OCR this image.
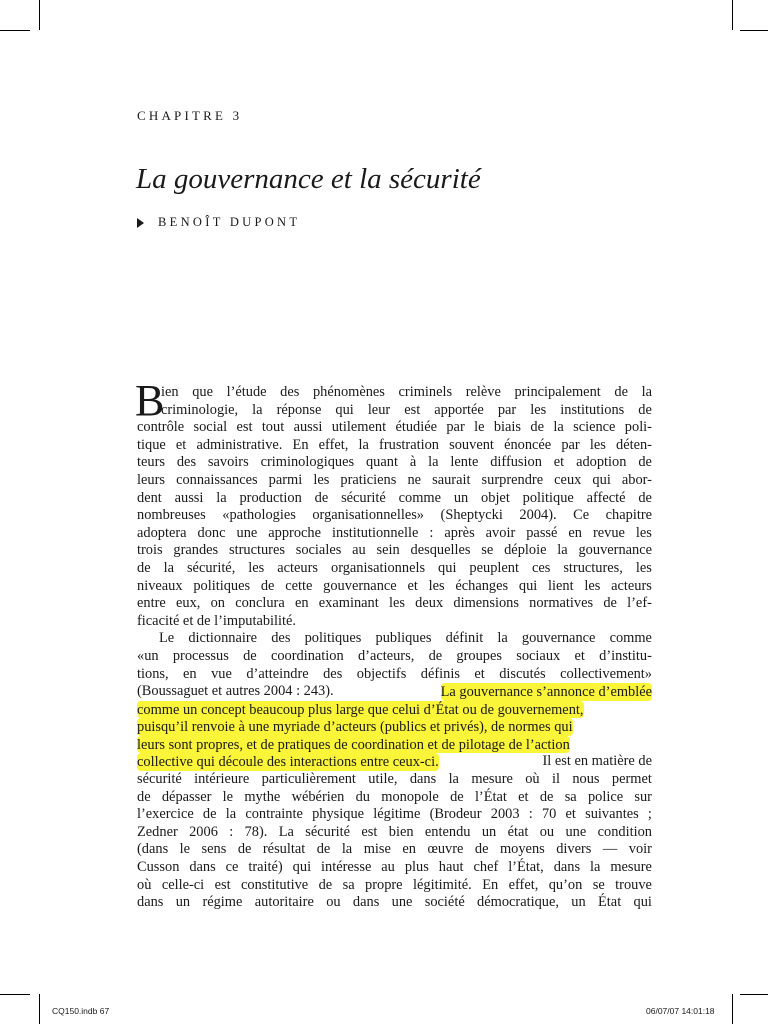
CHAPITRE 3
La gouvernance et la sécurité
BENOÎT DUPONT
B
ien que l’étude des phénomènes criminels relève principalement de la
criminologie, la réponse qui leur est apportée par les institutions de
contrôle social est tout aussi utilement étudiée par le biais de la science poli-
tique et administrative. En effet, la frustration souvent énoncée par les déten-
teurs des savoirs criminologiques quant à la lente diffusion et adoption de
leurs connaissances parmi les praticiens ne saurait surprendre ceux qui abor-
dent aussi la production de sécurité comme un objet politique affecté de
nombreuses «pathologies organisationnelles» (Sheptycki 2004). Ce chapitre
adoptera donc une approche institutionnelle : après avoir passé en revue les
trois grandes structures sociales au sein desquelles se déploie la gouvernance
de la sécurité, les acteurs organisationnels qui peuplent ces structures, les
niveaux politiques de cette gouvernance et les échanges qui lient les acteurs
entre eux, on conclura en examinant les deux dimensions normatives de l’ef-
ficacité et de l’imputabilité.
Le dictionnaire des politiques publiques définit la gouvernance comme
«un processus de coordination d’acteurs, de groupes sociaux et d’institu-
tions, en vue d’atteindre des objectifs définis et discutés collectivement»
(Boussaguet et autres 2004 : 243).	La gouvernance s’annonce d’emblée
comme un concept beaucoup plus large que celui d’État ou de gouvernement,
puisqu’il renvoie à une myriade d’acteurs (publics et privés), de normes qui
leurs sont propres, et de pratiques de coordination et de pilotage de l’action
collective qui découle des interactions entre ceux-ci.	Il est en matière de
sécurité intérieure particulièrement utile, dans la mesure où il nous permet
de dépasser le mythe wébérien du monopole de l’État et de sa police sur
l’exercice de la contrainte physique légitime (Brodeur 2003 : 70 et suivantes ;
Zedner 2006 : 78). La sécurité est bien entendu un état ou une condition
(dans le sens de résultat de la mise en œuvre de moyens divers — voir
Cusson dans ce traité) qui intéresse au plus haut chef l’État, dans la mesure
où celle-ci est constitutive de sa propre légitimité. En effet, qu’on se trouve
dans un régime autoritaire ou dans une société démocratique, un État qui
CQ150.indb 67	06/07/07 14:01:18
